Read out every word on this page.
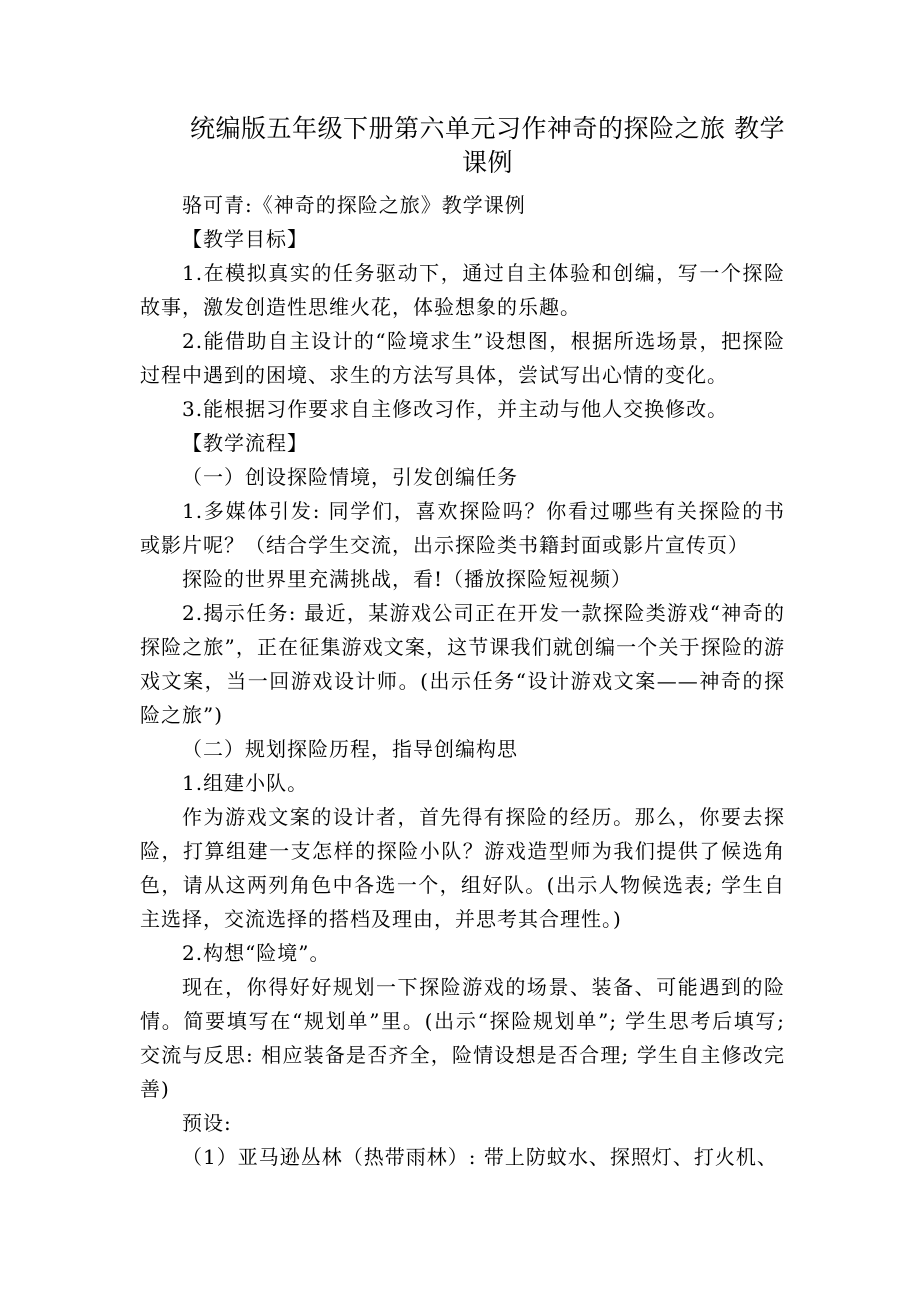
统编版五年级下册第六单元习作神奇的探险之旅 教学课例

骆可青:《神奇的探险之旅》教学课例

【教学目标】

1.在模拟真实的任务驱动下，通过自主体验和创编，写一个探险故事，激发创造性思维火花，体验想象的乐趣。

2.能借助自主设计的“险境求生”设想图，根据所选场景，把探险过程中遇到的困境、求生的方法写具体，尝试写出心情的变化。

3.能根据习作要求自主修改习作，并主动与他人交换修改。

【教学流程】

（一）创设探险情境，引发创编任务

1.多媒体引发: 同学们，喜欢探险吗？你看过哪些有关探险的书或影片呢？（结合学生交流，出示探险类书籍封面或影片宣传页）

探险的世界里充满挑战，看!（播放探险短视频）

2.揭示任务: 最近，某游戏公司正在开发一款探险类游戏“神奇的探险之旅”，正在征集游戏文案，这节课我们就创编一个关于探险的游戏文案，当一回游戏设计师。(出示任务“设计游戏文案——神奇的探险之旅”)

（二）规划探险历程，指导创编构思

1.组建小队。

作为游戏文案的设计者，首先得有探险的经历。那么，你要去探险，打算组建一支怎样的探险小队？游戏造型师为我们提供了候选角色，请从这两列角色中各选一个，组好队。(出示人物候选表; 学生自主选择，交流选择的搭档及理由，并思考其合理性。)

2.构想“险境”。

现在，你得好好规划一下探险游戏的场景、装备、可能遇到的险情。简要填写在“规划单”里。(出示“探险规划单”; 学生思考后填写; 交流与反思: 相应装备是否齐全，险情设想是否合理; 学生自主修改完善)

预设:

（1）亚马逊丛林（热带雨林）: 带上防蚊水、探照灯、打火机、
